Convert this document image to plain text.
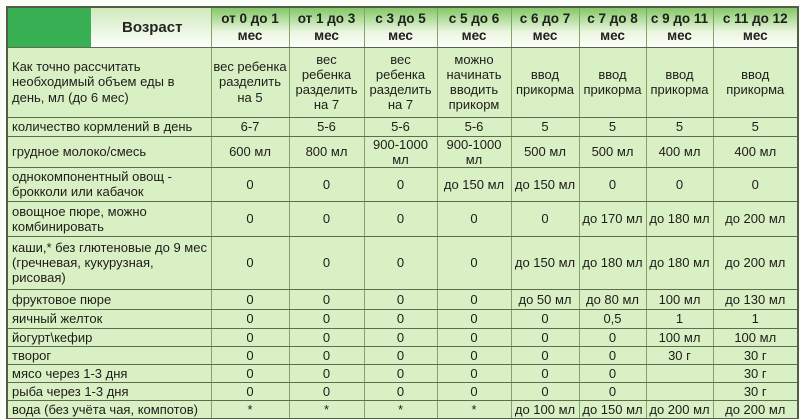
Возраст	от 0 до 1 мес	от 1 до 3 мес	с 3 до 5 мес	с 5 до 6 мес	с 6 до 7 мес	с 7 до 8 мес	с 9 до 11 мес	с 11 до 12 мес
Как точно рассчитать необходимый объем еды в день, мл (до 6 мес)	вес ребенка разделить на 5	вес ребенка разделить на 7	вес ребенка разделить на 7	можно начинать вводить прикорм	ввод прикорма	ввод прикорма	ввод прикорма	ввод прикорма
количество кормлений в день	6-7	5-6	5-6	5-6	5	5	5	5
грудное молоко/смесь	600 мл	800 мл	900-1000 мл	900-1000 мл	500 мл	500 мл	400 мл	400 мл
однокомпонентный овощ - брокколи или кабачок	0	0	0	до 150 мл	до 150 мл	0	0	0
овощное пюре, можно комбинировать	0	0	0	0	0	до 170 мл	до 180 мл	до 200 мл
каши,* без глютеновые до 9 мес (гречневая, кукурузная, рисовая)	0	0	0	0	до 150 мл	до 180 мл	до 180 мл	до 200 мл
фруктовое пюре	0	0	0	0	до 50 мл	до 80 мл	100 мл	до 130 мл
яичный желток	0	0	0	0	0	0,5	1	1
йогурт\кефир	0	0	0	0	0	0	100 мл	100 мл
творог	0	0	0	0	0	0	30 г	30 г
мясо через 1-3 дня	0	0	0	0	0	0		30 г
рыба через 1-3 дня	0	0	0	0	0	0		30 г
вода (без учёта чая, компотов)	*	*	*	*	до 100 мл	до 150 мл	до 200 мл	до 200 мл
